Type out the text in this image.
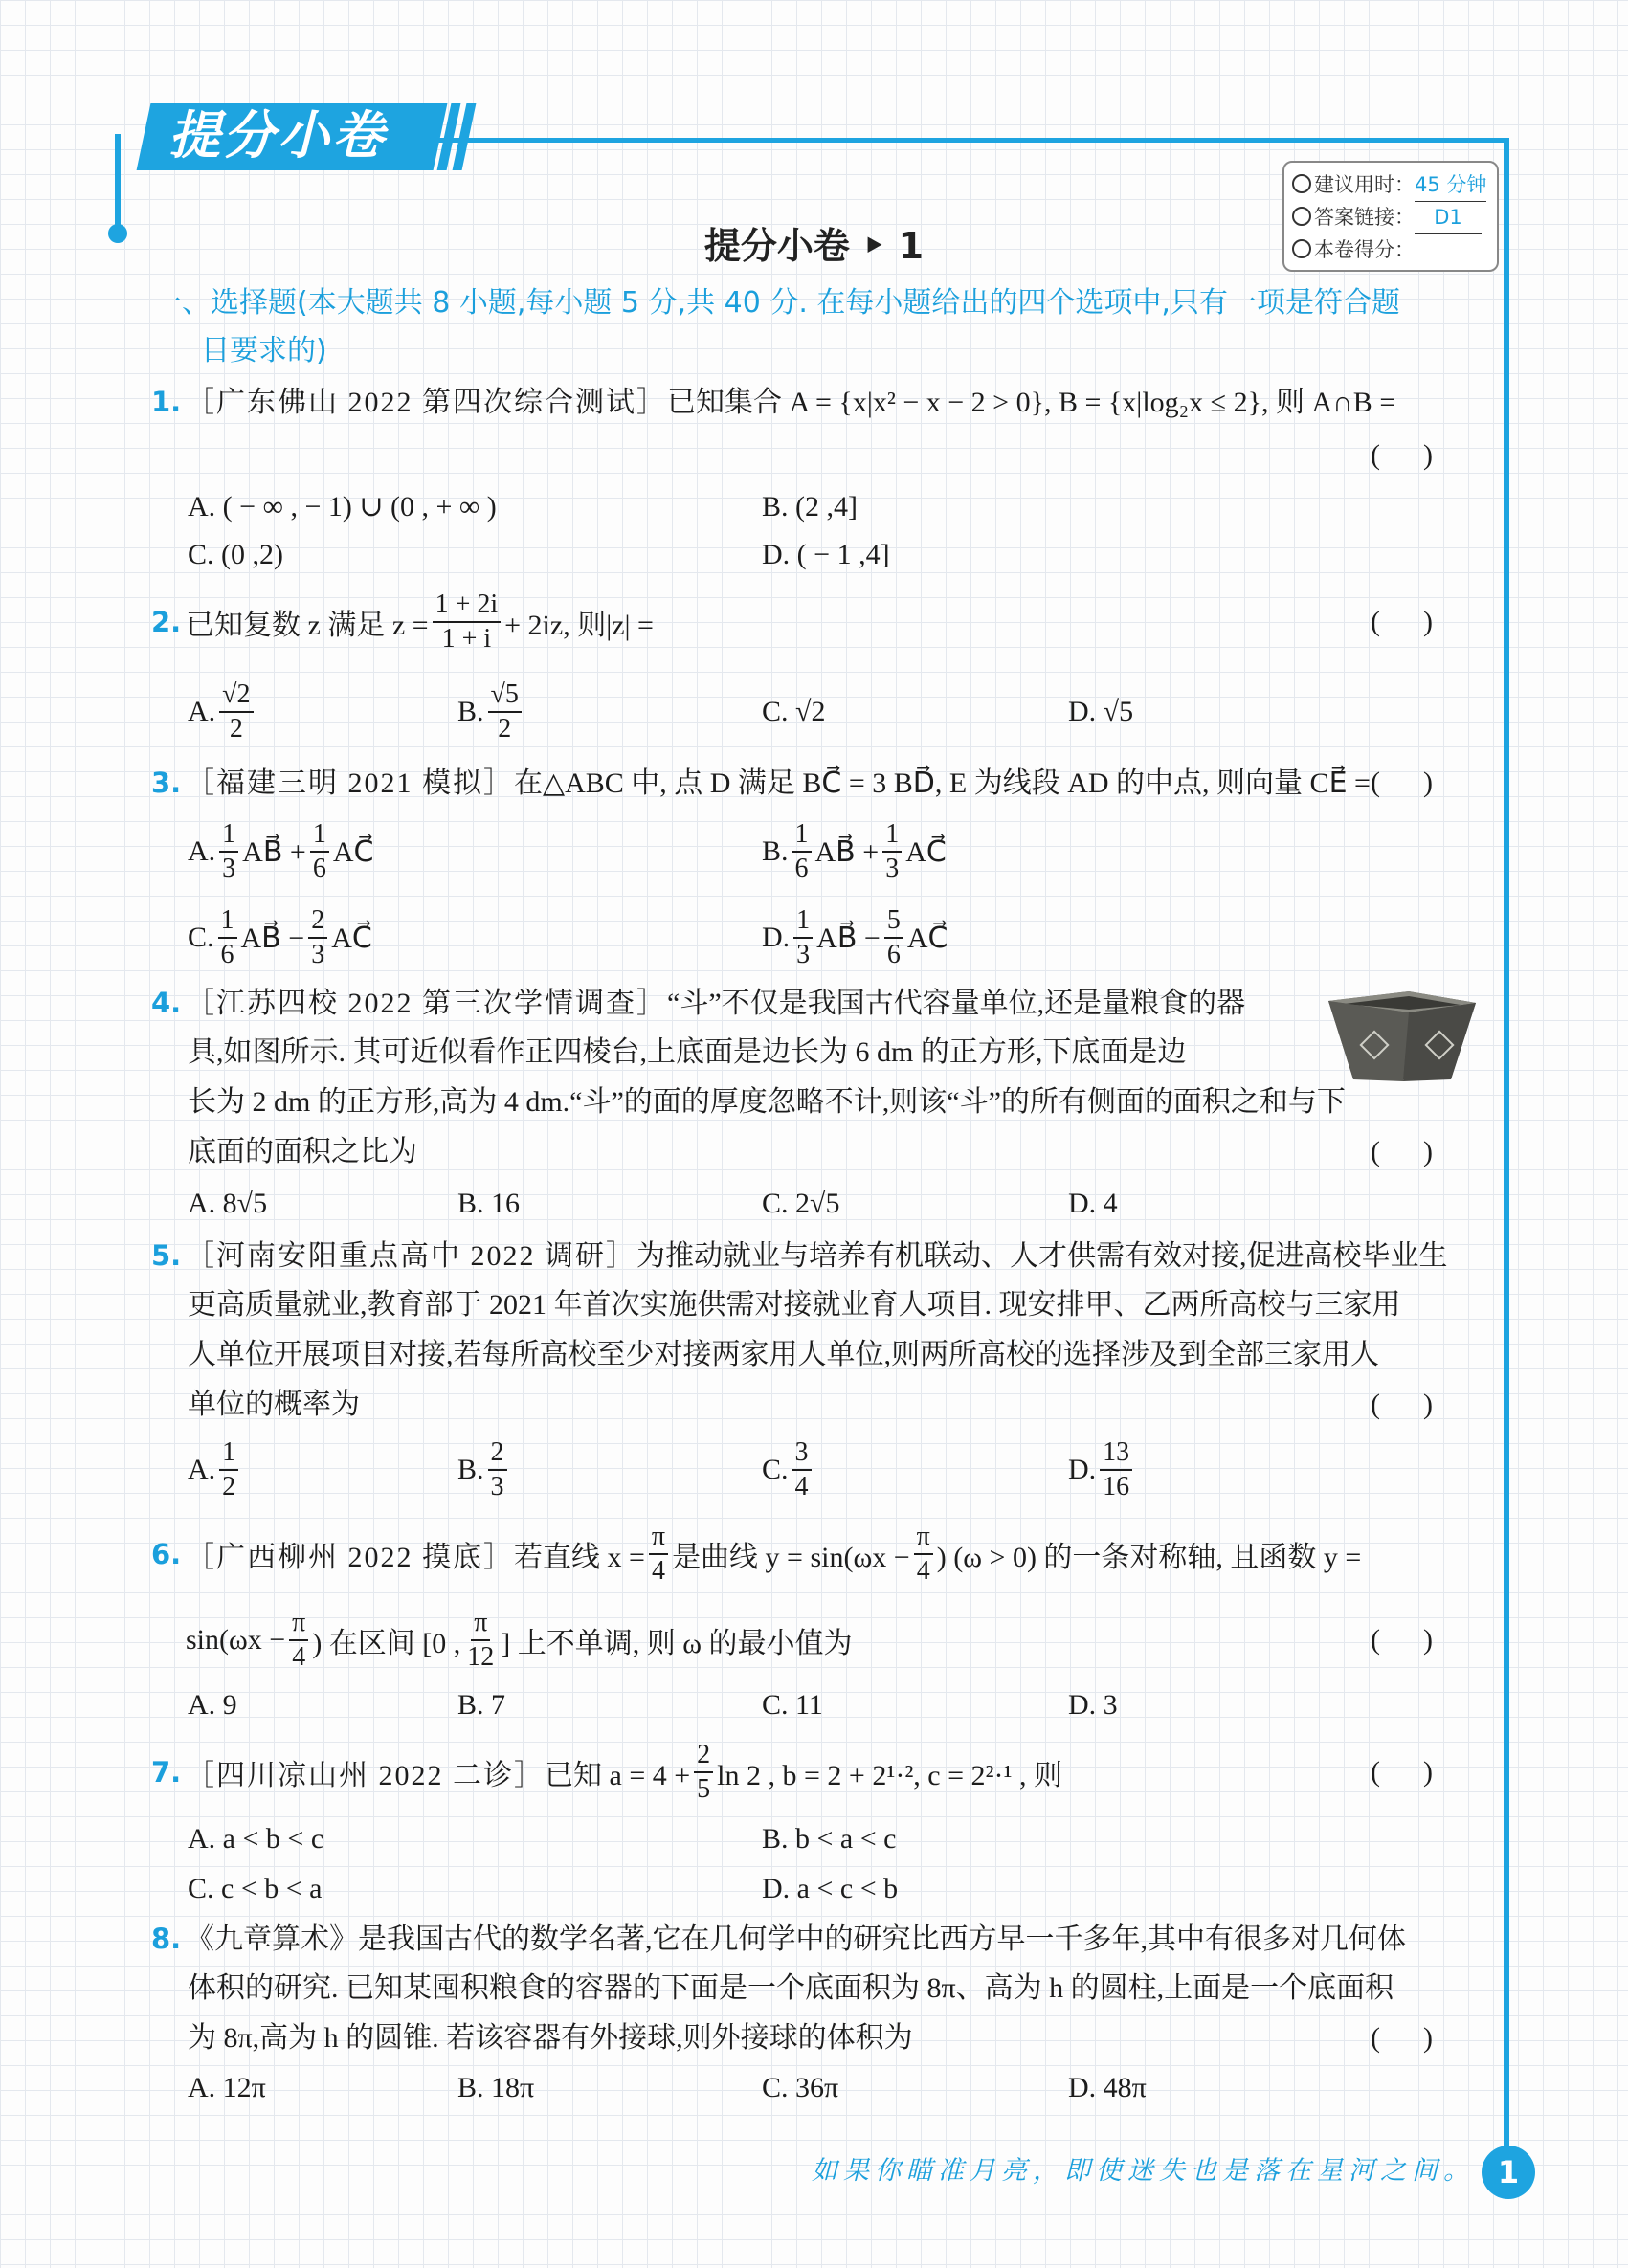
提分小卷
建议用时：45 分钟
答案链接： D1
本卷得分：
提分小卷 ‣ 1
一、选择题(本大题共 8 小题,每小题 5 分,共 40 分. 在每小题给出的四个选项中,只有一项是符合题
目要求的)
1. ［广东佛山 2022 第四次综合测试］已知集合 A = {x|x² − x − 2 > 0}, B = {x|log₂x ≤ 2}, 则 A∩B =
(      )
A. ( − ∞ , − 1) ∪ (0 , + ∞ )	B. (2 ,4]
C. (0 ,2)	D. ( − 1 ,4]
2. 已知复数 z 满足 $z = \frac{1 + 2i}{1 + i} + 2iz$, 则|z| =	(      )
A. $\frac{√2}{2}$	B. $\frac{√5}{2}$	C. √2	D. √5
3. ［福建三明 2021 模拟］在△ABC 中, 点 D 满足 BC⃗ = 3 BD⃗, E 为线段 AD 的中点, 则向量 CE⃗ = (      )
A. $\frac{1}{3}$ AB⃗ + $\frac{1}{6}$ AC⃗	B. $\frac{1}{6}$ AB⃗ + $\frac{1}{3}$ AC⃗
C. $\frac{1}{6}$ AB⃗ − $\frac{2}{3}$ AC⃗	D. $\frac{1}{3}$ AB⃗ − $\frac{5}{6}$ AC⃗
4. ［江苏四校 2022 第三次学情调查］“斗”不仅是我国古代容量单位,还是量粮食的器
具,如图所示. 其可近似看作正四棱台,上底面是边长为 6 dm 的正方形,下底面是边
长为 2 dm 的正方形,高为 4 dm.“斗”的面的厚度忽略不计,则该“斗”的所有侧面的面积之和与下
底面的面积之比为	(      )
A. 8√5	B. 16	C. 2√5	D. 4
5. ［河南安阳重点高中 2022 调研］为推动就业与培养有机联动、人才供需有效对接,促进高校毕业生
更高质量就业,教育部于 2021 年首次实施供需对接就业育人项目. 现安排甲、乙两所高校与三家用
人单位开展项目对接,若每所高校至少对接两家用人单位,则两所高校的选择涉及到全部三家用人
单位的概率为	(      )
A. $\frac{1}{2}$	B. $\frac{2}{3}$	C. $\frac{3}{4}$	D. $\frac{13}{16}$
6. ［广西柳州 2022 摸底］ 若直线 $x = \frac{\pi}{4}$ 是曲线 $y = \sin(\omega x - \frac{\pi}{4}$ ) (ω > 0) 的一条对称轴, 且函数 y =
$\sin(\omega x - \frac{\pi}{4}$ ) 在区间 [0 , $\frac{\pi}{12}$ ] 上不单调, 则 ω 的最小值为	(      )
A. 9	B. 7	C. 11	D. 3
7. ［四川凉山州 2022 二诊］ 已知 $a = 4 + \frac{2}{5}$ ln 2 , b = 2 + 2¹·², c = 2²·¹ , 则	(      )
A. a < b < c	B. b < a < c
C. c < b < a	D. a < c < b
8. 《九章算术》是我国古代的数学名著,它在几何学中的研究比西方早一千多年,其中有很多对几何体
体积的研究. 已知某囤积粮食的容器的下面是一个底面积为 8π、高为 h 的圆柱,上面是一个底面积
为 8π,高为 h 的圆锥. 若该容器有外接球,则外接球的体积为	(      )
A. 12π	B. 18π	C. 36π	D. 48π
如果你瞄准月亮，即使迷失也是落在星河之间。 1
